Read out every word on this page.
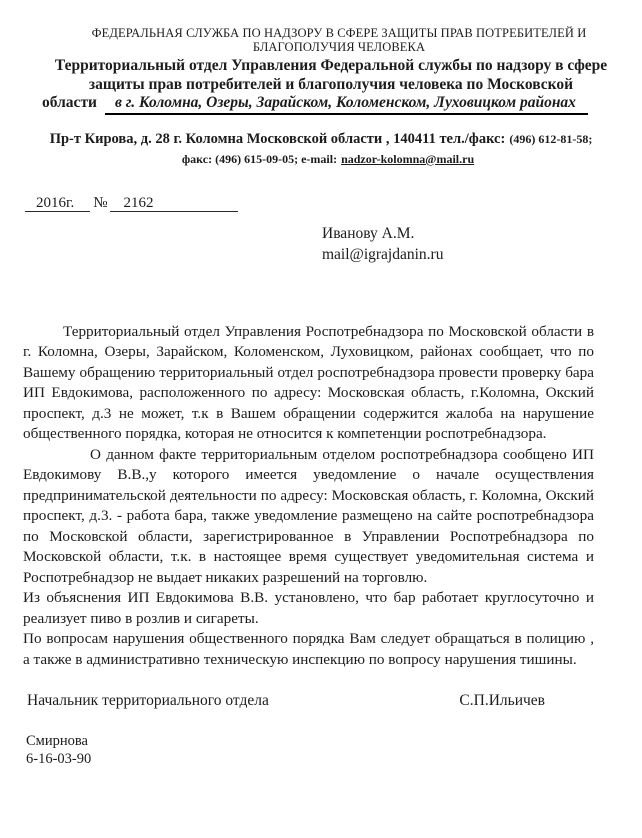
ФЕДЕРАЛЬНАЯ СЛУЖБА ПО НАДЗОРУ В СФЕРЕ ЗАЩИТЫ ПРАВ ПОТРЕБИТЕЛЕЙ И
БЛАГОПОЛУЧИЯ ЧЕЛОВЕКА
Территориальный отдел Управления Федеральной службы по надзору в сфере
защиты прав потребителей и благополучия человека по Московской
области	в г. Коломна, Озеры, Зарайском, Коломенском, Луховицком районах
Пр-т Кирова, д. 28 г. Коломна Московской области , 140411 тел./факс: (496) 612-81-58;
факс: (496) 615-09-05; e-mail: nadzor-kolomna@mail.ru
2016г. № 2162
Иванову А.М.
mail@igrajdanin.ru

Территориальный отдел Управления Роспотребнадзора по Московской области в г. Коломна, Озеры, Зарайском, Коломенском, Луховицком, районах сообщает, что по Вашему обращению территориальный отдел роспотребнадзора провести проверку бара ИП Евдокимова, расположенного по адресу: Московская область, г.Коломна, Окский проспект, д.3 не может, т.к в Вашем обращении содержится жалоба на нарушение общественного порядка, которая не относится к компетенции роспотребнадзора.

О данном факте территориальным отделом роспотребнадзора сообщено ИП Евдокимову В.В.,у которого имеется уведомление о начале осуществления предпринимательской деятельности по адресу: Московская область, г. Коломна, Окский проспект, д.3. - работа бара, также уведомление размещено на сайте роспотребнадзора по Московской области, зарегистрированное в Управлении Роспотребнадзора по Московской области, т.к. в настоящее время существует уведомительная система и Роспотребнадзор не выдает никаких разрешений на торговлю.

Из объяснения ИП Евдокимова В.В. установлено, что бар работает круглосуточно и реализует пиво в розлив и сигареты.

По вопросам нарушения общественного порядка Вам следует обращаться в полицию , а также в административно техническую инспекцию по вопросу нарушения тишины.

Начальник территориального отдела	С.П.Ильичев
Смирнова
6-16-03-90
